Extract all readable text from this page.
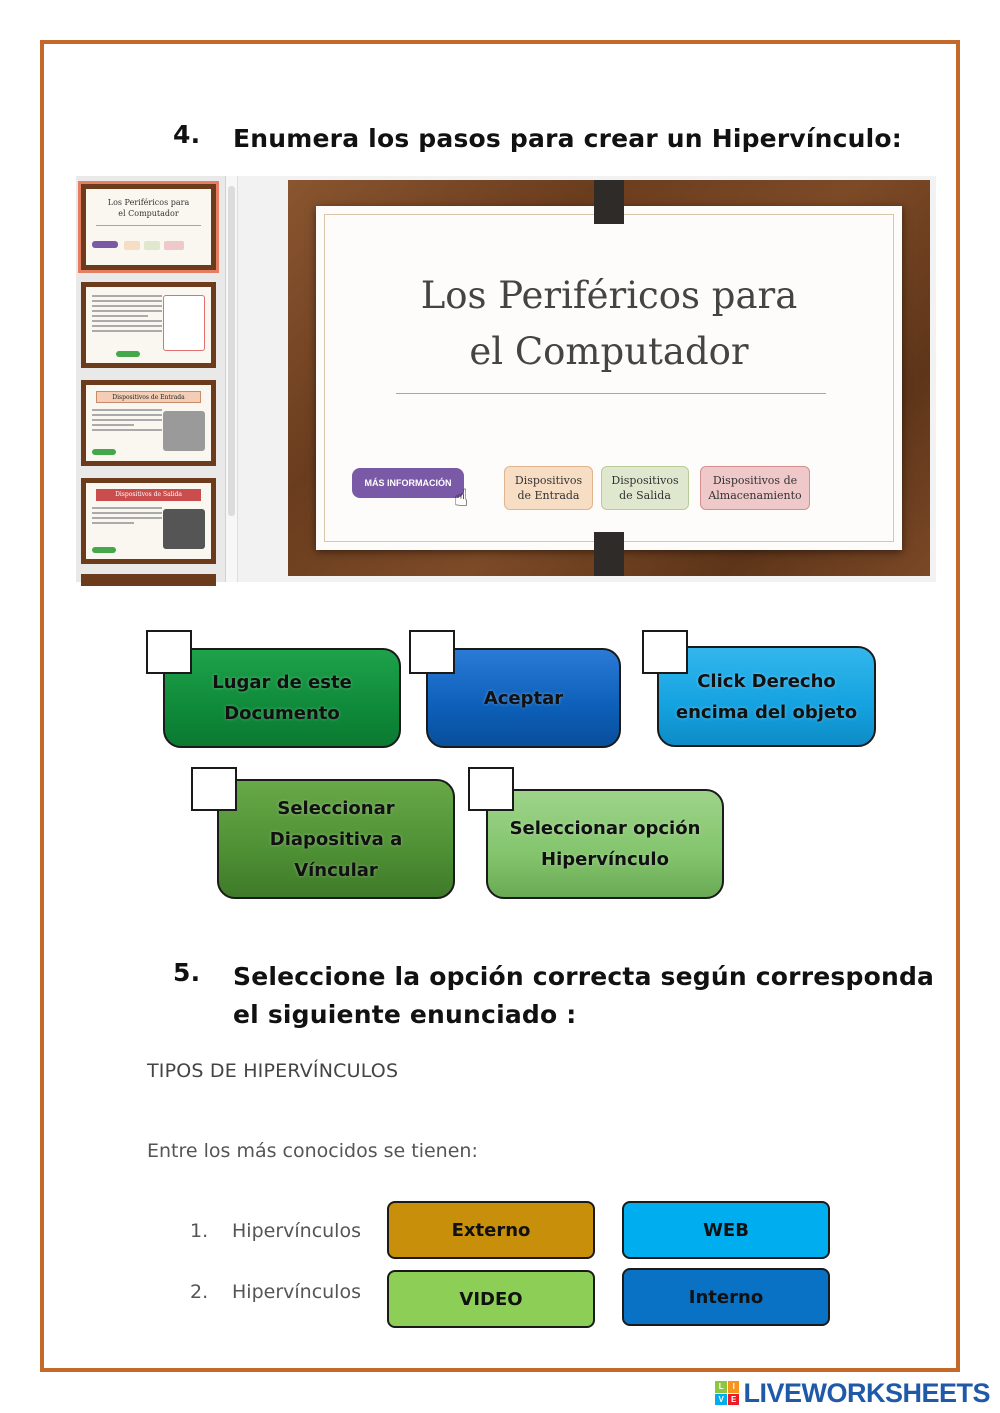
4. Enumera los pasos para crear un Hipervínculo:
Los Periféricos para
el Computador
Dispositivos de Entrada
Dispositivos de Salida
Los Periféricos para
el Computador
MÁS INFORMACIÓN
☝
Dispositivos
de Entrada
Dispositivos
de Salida
Dispositivos de
Almacenamiento
Lugar de este
Documento
Aceptar
Click Derecho
encima del objeto
Seleccionar
Diapositiva a
Víncular
Seleccionar opción
Hipervínculo
5. Seleccione la opción correcta según corresponda
el siguiente enunciado :
TIPOS DE HIPERVÍNCULOS
Entre los más conocidos se tienen:
1. Hipervínculos	Externo	WEB
2. Hipervínculos	VIDEO	Interno
L	I
V E LIVEWORKSHEETS
